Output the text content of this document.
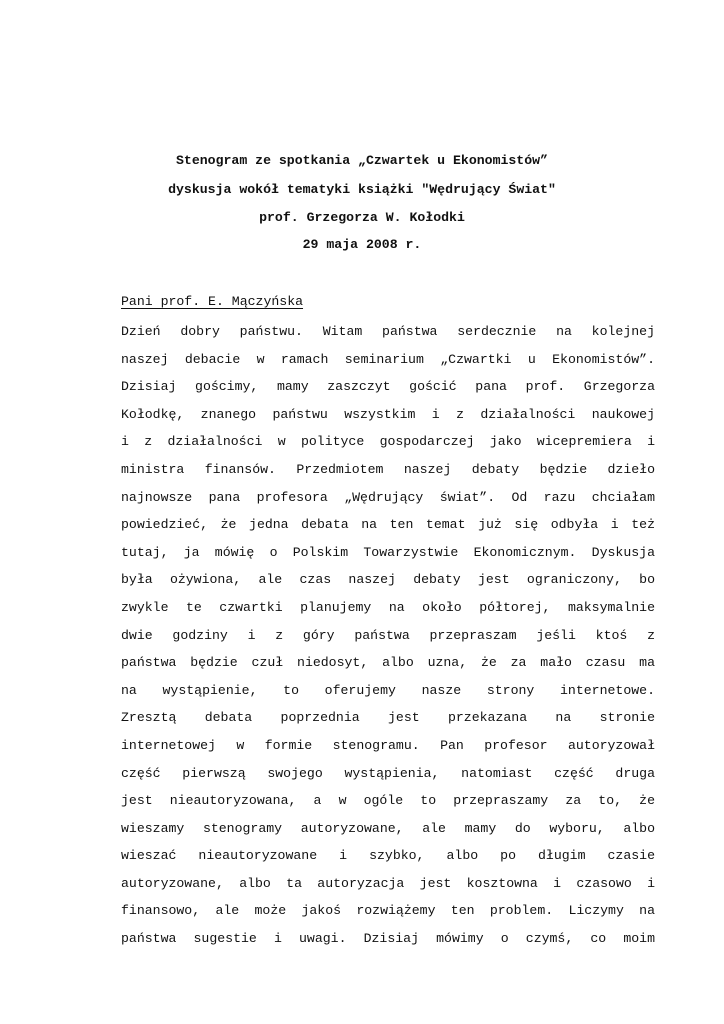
Stenogram ze spotkania „Czwartek u Ekonomistów”
dyskusja wokół tematyki książki "Wędrujący Świat"
prof. Grzegorza W. Kołodki
29 maja 2008 r.
Pani prof. E. Mączyńska
Dzień dobry państwu. Witam państwa serdecznie na kolejnej
naszej debacie w ramach seminarium „Czwartki u Ekonomistów”.
Dzisiaj gościmy, mamy zaszczyt gościć pana prof. Grzegorza
Kołodkę, znanego państwu wszystkim i z działalności naukowej
i z działalności w polityce gospodarczej jako wicepremiera i
ministra finansów. Przedmiotem naszej debaty będzie dzieło
najnowsze pana profesora „Wędrujący świat”. Od razu chciałam
powiedzieć, że jedna debata na ten temat już się odbyła i też
tutaj, ja mówię o Polskim Towarzystwie Ekonomicznym. Dyskusja
była ożywiona, ale czas naszej debaty jest ograniczony, bo
zwykle te czwartki planujemy na około półtorej, maksymalnie
dwie godziny i z góry państwa przepraszam jeśli ktoś z
państwa będzie czuł niedosyt, albo uzna, że za mało czasu ma
na wystąpienie, to oferujemy nasze strony internetowe.
Zresztą debata poprzednia jest przekazana na stronie
internetowej w formie stenogramu. Pan profesor autoryzował
część pierwszą swojego wystąpienia, natomiast część druga
jest nieautoryzowana, a w ogóle to przepraszamy za to, że
wieszamy stenogramy autoryzowane, ale mamy do wyboru, albo
wieszać nieautoryzowane i szybko, albo po długim czasie
autoryzowane, albo ta autoryzacja jest kosztowna i czasowo i
finansowo, ale może jakoś rozwiążemy ten problem. Liczymy na
państwa sugestie i uwagi. Dzisiaj mówimy o czymś, co moim
